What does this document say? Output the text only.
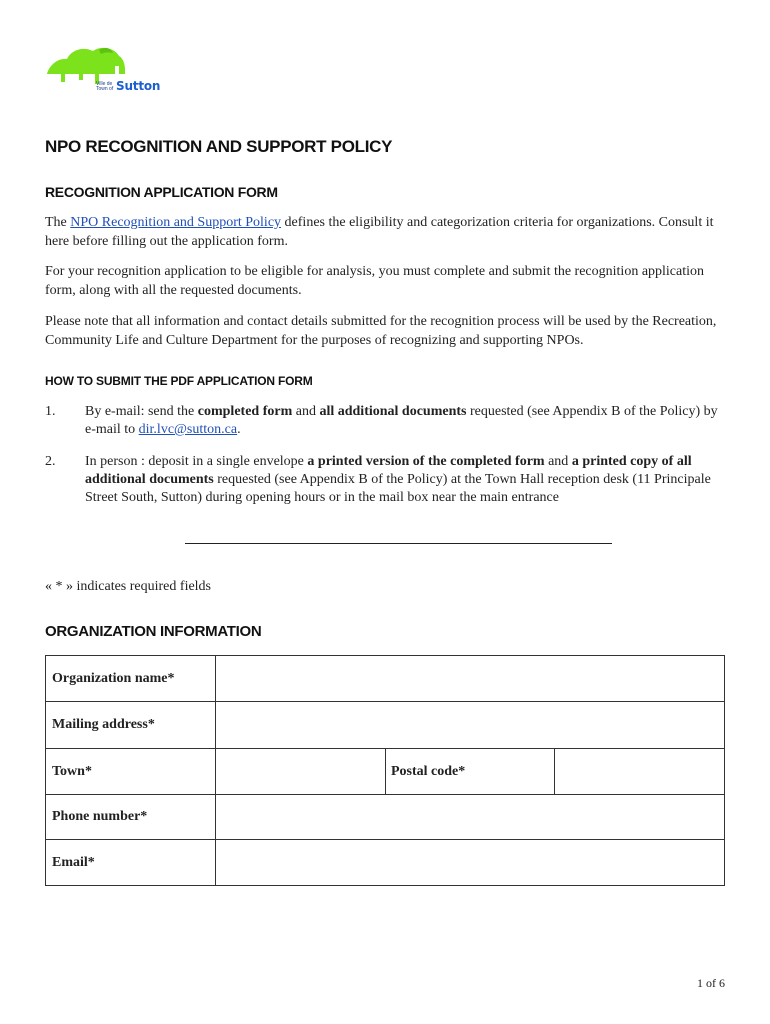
Ville de
Town of Sutton
NPO RECOGNITION AND SUPPORT POLICY
RECOGNITION APPLICATION FORM
The NPO Recognition and Support Policy defines the eligibility and categorization criteria for organizations. Consult it here before filling out the application form.
For your recognition application to be eligible for analysis, you must complete and submit the recognition application form, along with all the requested documents.
Please note that all information and contact details submitted for the recognition process will be used by the Recreation, Community Life and Culture Department for the purposes of recognizing and supporting NPOs.
HOW TO SUBMIT THE PDF APPLICATION FORM
1. By e-mail: send the completed form and all additional documents requested (see Appendix B of the Policy) by e-mail to dir.lvc@sutton.ca.
2. In person : deposit in a single envelope a printed version of the completed form and a printed copy of all additional documents requested (see Appendix B of the Policy) at the Town Hall reception desk (11 Principale Street South, Sutton) during opening hours or in the mail box near the main entrance
« * » indicates required fields
ORGANIZATION INFORMATION
Organization name*
Mailing address*
Town*	Postal code*
Phone number*
Email*
1 of 6
